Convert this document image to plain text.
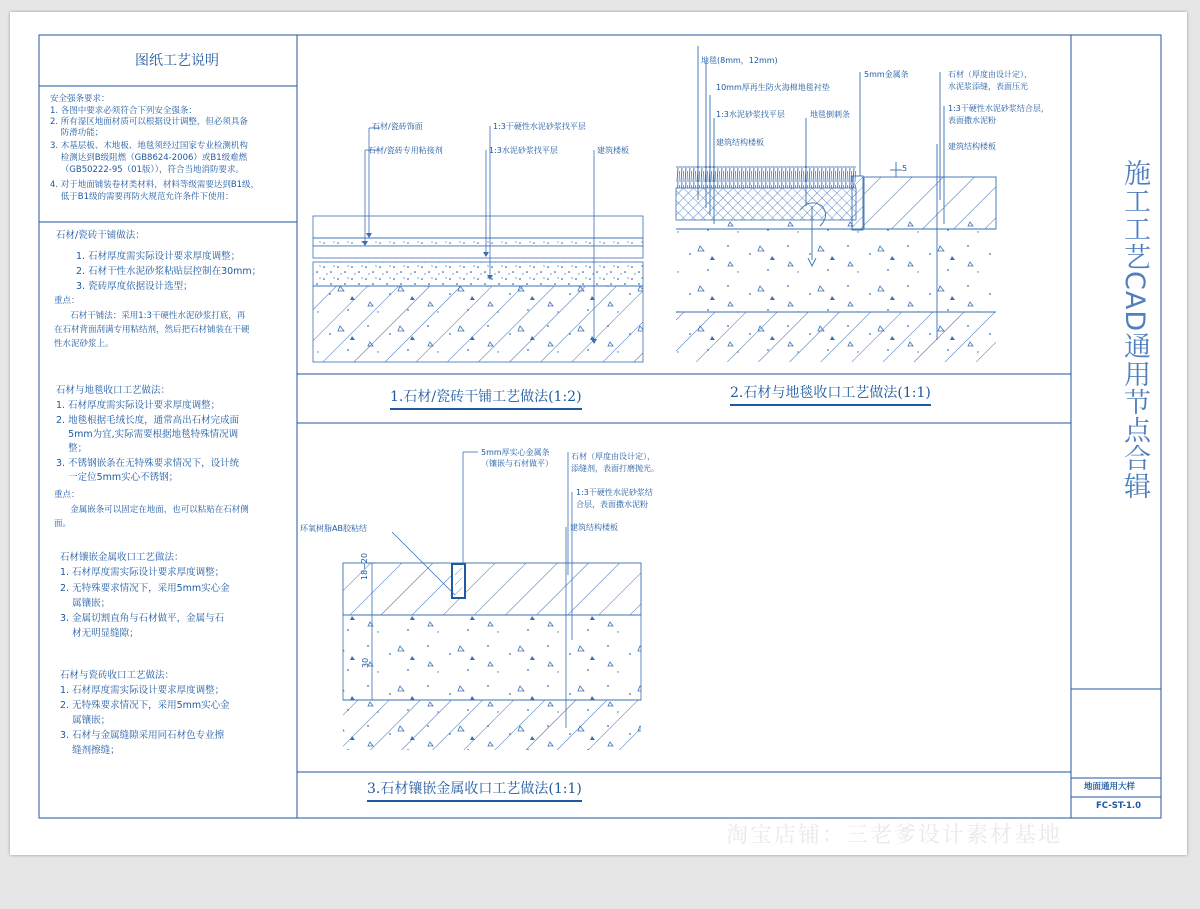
施工工艺CAD通用节点合辑
地面通用大样
FC-ST-1.0
图纸工艺说明
安全强条要求：
1. 各图中要求必须符合下列安全强条：
2. 所有湿区地面材质可以根据设计调整，但必须具备
防滑功能；
3. 木基层板、木地板、地毯须经过国家专业检测机构
检测达到B级阻燃（GB8624-2006）或B1级难燃
（GB50222-95（01版）），符合当地消防要求。
4. 对于地面铺装卷材类材料，材料等级需要达到B1级，
低于B1级的需要再防火规范允许条件下使用：
石材/瓷砖干铺做法：
1. 石材厚度需实际设计要求厚度调整；
2. 石材干性水泥砂浆粘贴层控制在30mm；
3. 瓷砖厚度依据设计选型；
重点：
石材干铺法：采用1:3干硬性水泥砂浆打底，再
在石材背面刮满专用粘结剂，然后把石材铺装在干硬
性水泥砂浆上。
石材与地毯收口工艺做法：
1. 石材厚度需实际设计要求厚度调整；
2. 地毯根据毛绒长度，通常高出石材完成面
5mm为宜,实际需要根据地毯特殊情况调
整；
3. 不锈钢嵌条在无特殊要求情况下，设计统
一定位5mm实心不锈钢；
重点：
金属嵌条可以固定在地面，也可以粘贴在石材侧
面。
石材镶嵌金属收口工艺做法：
1. 石材厚度需实际设计要求厚度调整；
2. 无特殊要求情况下，采用5mm实心金
属镶嵌；
3. 金属切割直角与石材做平，金属与石
材无明显缝隙；
石材与瓷砖收口工艺做法：
1. 石材厚度需实际设计要求厚度调整；
2. 无特殊要求情况下，采用5mm实心金
属镶嵌；
3. 石材与金属缝隙采用同石材色专业擦
缝剂擦缝；
石材/瓷砖饰面
石材/瓷砖专用粘接剂
1:3干硬性水泥砂浆找平层
1:3水泥砂浆找平层	建筑楼板
1.石材/瓷砖干铺工艺做法(1:2)
地毯(8mm，12mm)
10mm厚再生防火海棉地毯衬垫
5mm金属条
1:3水泥砂浆找平层	地毯倒刺条
建筑结构楼板
石材（厚度由设计定），
水泥浆添缝，表面压光
1:3干硬性水泥砂浆结合层，
表面撒水泥粉
建筑结构楼板
5
2.石材与地毯收口工艺做法(1:1)
5mm厚实心金属条
（镶嵌与石材做平）
石材（厚度由设计定），
添缝剂，表面打磨抛光。
1:3干硬性水泥砂浆结
合层，表面撒水泥粉
建筑结构楼板
环氧树脂AB胶粘结
18~20
30
3.石材镶嵌金属收口工艺做法(1:1)
淘宝店铺：三老爹设计素材基地
